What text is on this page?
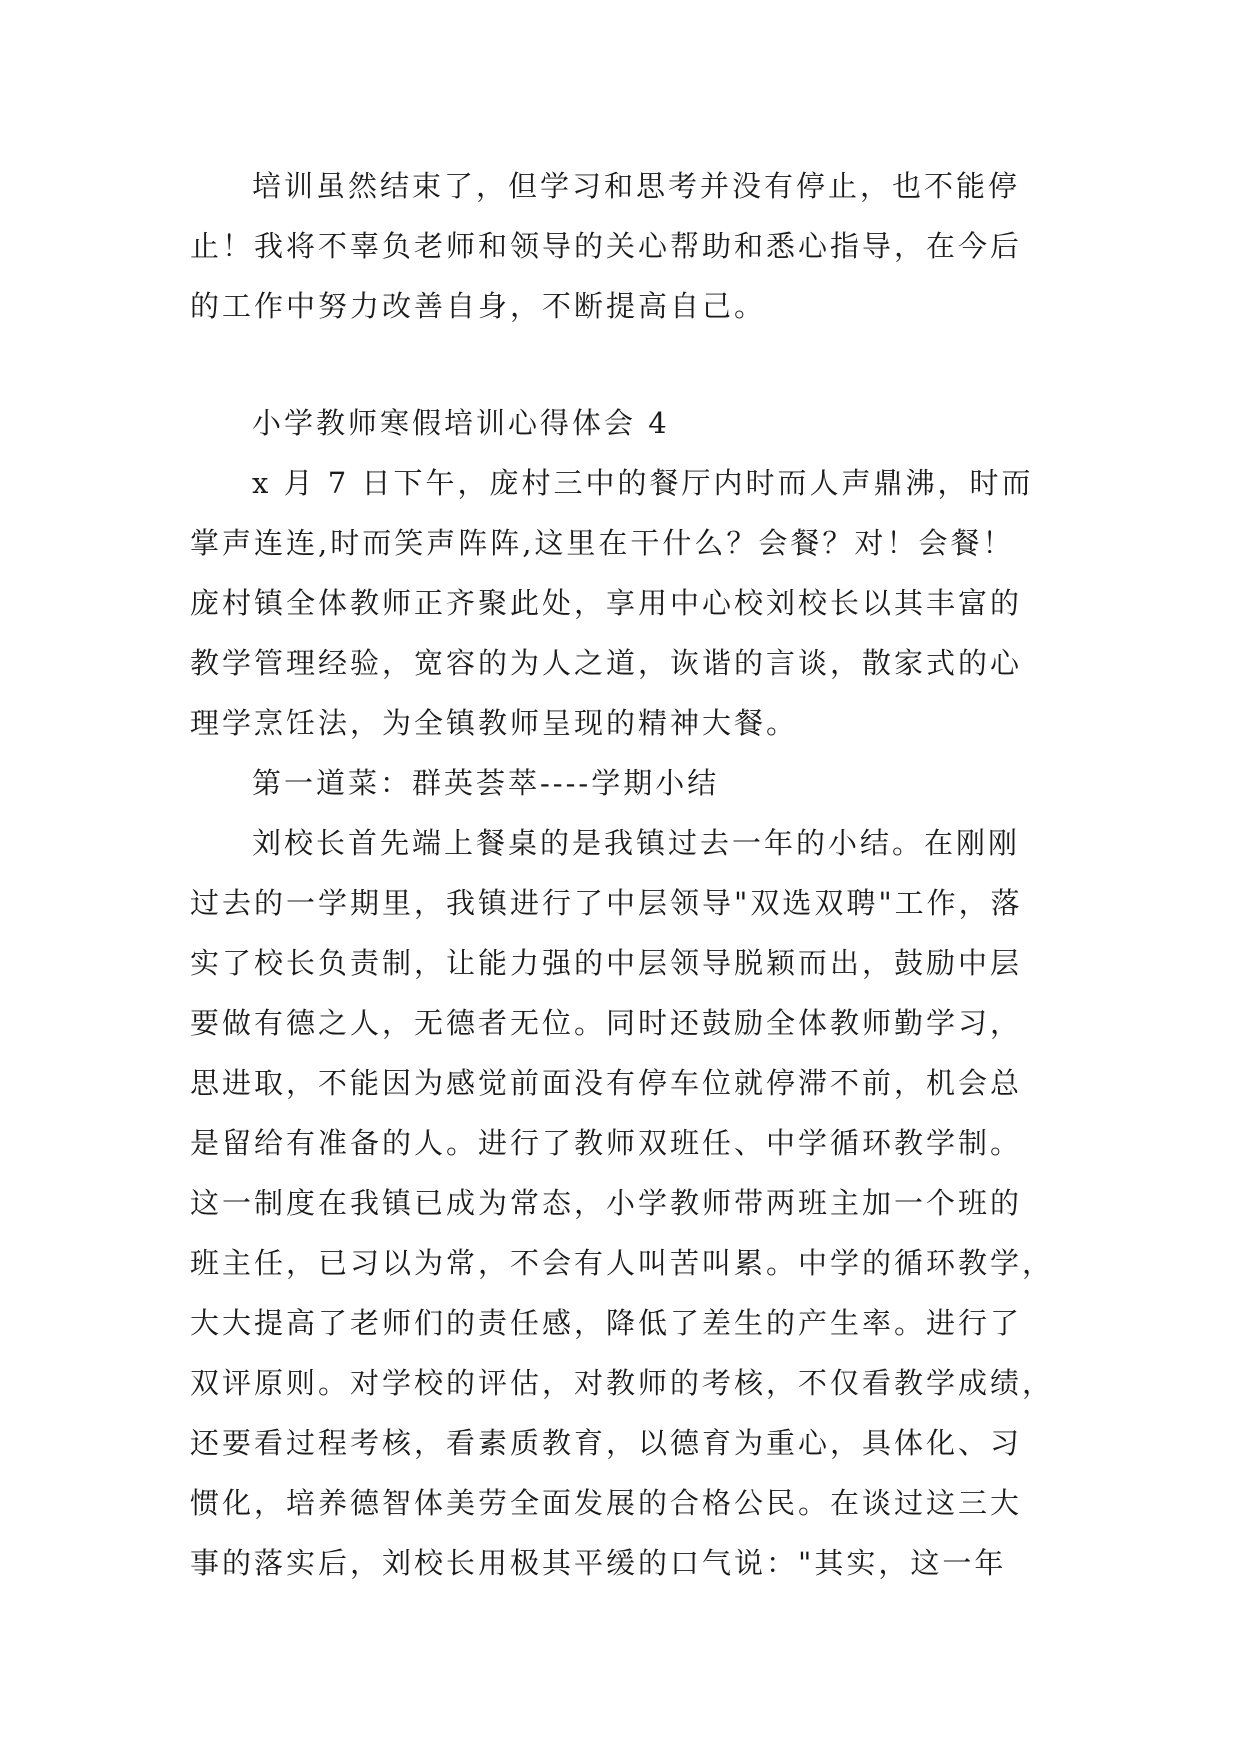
培训虽然结束了，但学习和思考并没有停止，也不能停
止！我将不辜负老师和领导的关心帮助和悉心指导，在今后
的工作中努力改善自身，不断提高自己。
小学教师寒假培训心得体会 4
x 月 7 日下午，庞村三中的餐厅内时而人声鼎沸，时而
掌声连连,时而笑声阵阵,这里在干什么？会餐？对！会餐！
庞村镇全体教师正齐聚此处，享用中心校刘校长以其丰富的
教学管理经验，宽容的为人之道，诙谐的言谈，散家式的心
理学烹饪法，为全镇教师呈现的精神大餐。
第一道菜：群英荟萃----学期小结
刘校长首先端上餐桌的是我镇过去一年的小结。在刚刚
过去的一学期里，我镇进行了中层领导"双选双聘"工作，落
实了校长负责制，让能力强的中层领导脱颖而出，鼓励中层
要做有德之人，无德者无位。同时还鼓励全体教师勤学习，
思进取，不能因为感觉前面没有停车位就停滞不前，机会总
是留给有准备的人。进行了教师双班任、中学循环教学制。
这一制度在我镇已成为常态，小学教师带两班主加一个班的
班主任，已习以为常，不会有人叫苦叫累。中学的循环教学，
大大提高了老师们的责任感，降低了差生的产生率。进行了
双评原则。对学校的评估，对教师的考核，不仅看教学成绩，
还要看过程考核，看素质教育，以德育为重心，具体化、习
惯化，培养德智体美劳全面发展的合格公民。在谈过这三大
事的落实后，刘校长用极其平缓的口气说："其实，这一年
